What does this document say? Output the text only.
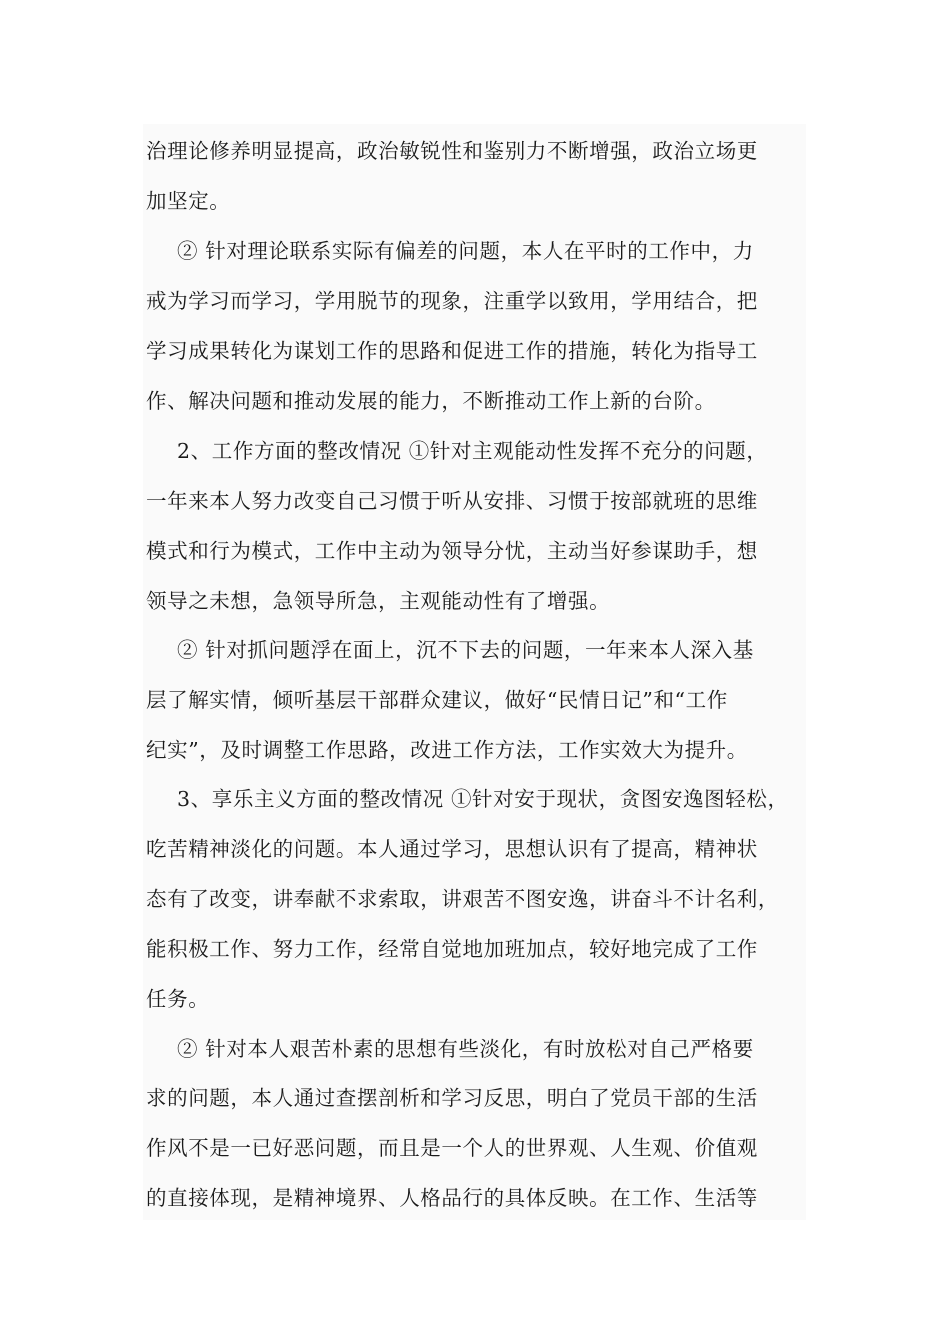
治理论修养明显提高，政治敏锐性和鉴别力不断增强，政治立场更

加坚定。

② 针对理论联系实际有偏差的问题，本人在平时的工作中，力

戒为学习而学习，学用脱节的现象，注重学以致用，学用结合，把

学习成果转化为谋划工作的思路和促进工作的措施，转化为指导工

作、解决问题和推动发展的能力，不断推动工作上新的台阶。

2、工作方面的整改情况 ①针对主观能动性发挥不充分的问题，

一年来本人努力改变自己习惯于听从安排、习惯于按部就班的思维

模式和行为模式，工作中主动为领导分忧，主动当好参谋助手，想

领导之未想，急领导所急，主观能动性有了增强。

② 针对抓问题浮在面上，沉不下去的问题，一年来本人深入基

层了解实情，倾听基层干部群众建议，做好“民情日记”和“工作

纪实”，及时调整工作思路，改进工作方法，工作实效大为提升。

3、享乐主义方面的整改情况 ①针对安于现状，贪图安逸图轻松，

吃苦精神淡化的问题。本人通过学习，思想认识有了提高，精神状

态有了改变，讲奉献不求索取，讲艰苦不图安逸，讲奋斗不计名利，

能积极工作、努力工作，经常自觉地加班加点，较好地完成了工作

任务。

② 针对本人艰苦朴素的思想有些淡化，有时放松对自己严格要

求的问题，本人通过查摆剖析和学习反思，明白了党员干部的生活

作风不是一已好恶问题，而且是一个人的世界观、人生观、价值观

的直接体现，是精神境界、人格品行的具体反映。在工作、生活等
